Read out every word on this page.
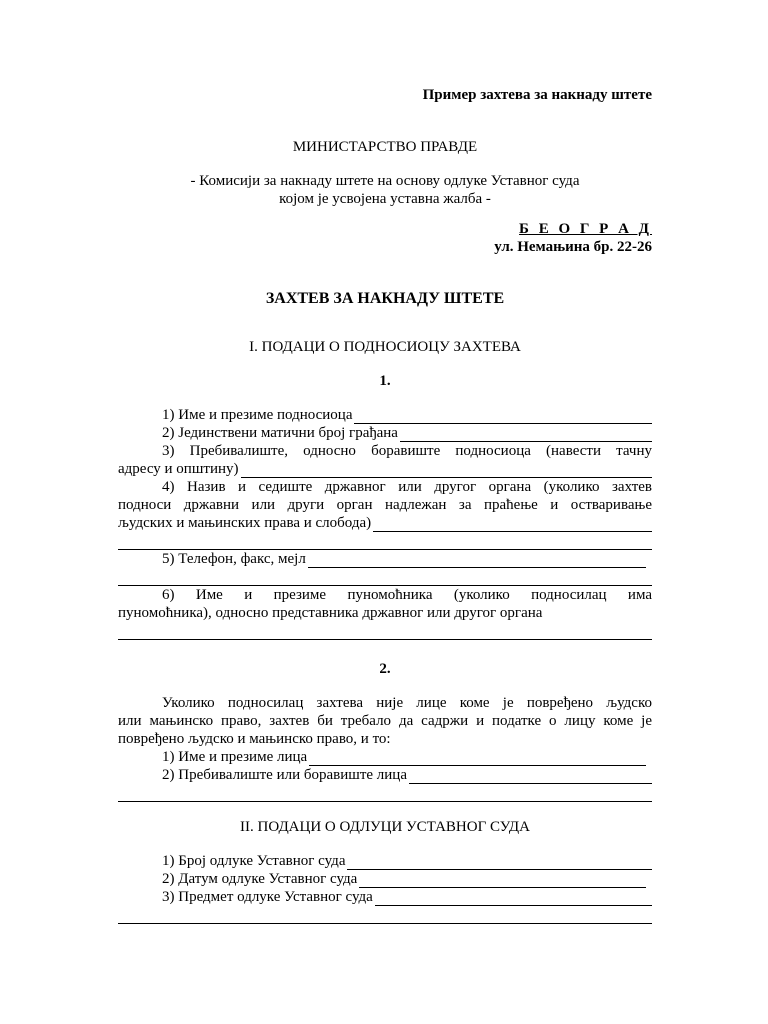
Пример захтева за накнаду штете
МИНИСТАРСТВО ПРАВДЕ
- Комисији за накнаду штете на основу одлуке Уставног суда
којом је усвојена уставна жалба -
Б Е О Г Р А Д
ул. Немањина бр. 22-26
ЗАХТЕВ ЗА НАКНАДУ ШТЕТЕ
I. ПОДАЦИ О ПОДНОСИОЦУ ЗАХТЕВА
1.
1) Име и презиме подносиоца
2) Јединствени матични број грађана
3) Пребивалиште, односно боравиште подносиоца (навести тачну
адресу и општину)
4) Назив и седиште државног или другог органа (уколико захтев
подноси државни или други орган надлежан за праћење и остваривање
људских и мањинских права и слобода)
5) Телефон, факс, мејл
6) Име и презиме пуномоћника (уколико подносилац има
пуномоћника), односно представника државног или другог органа
2.
Уколико подносилац захтева није лице коме је повређено људско
или мањинско право, захтев би требало да садржи и податке о лицу коме је
повређено људско и мањинско право, и то:
1) Име и презиме лица
2) Пребивалиште или боравиште лица
II. ПОДАЦИ О ОДЛУЦИ УСТАВНОГ СУДА
1) Број одлуке Уставног суда
2) Датум одлуке Уставног суда
3) Предмет одлуке Уставног суда
